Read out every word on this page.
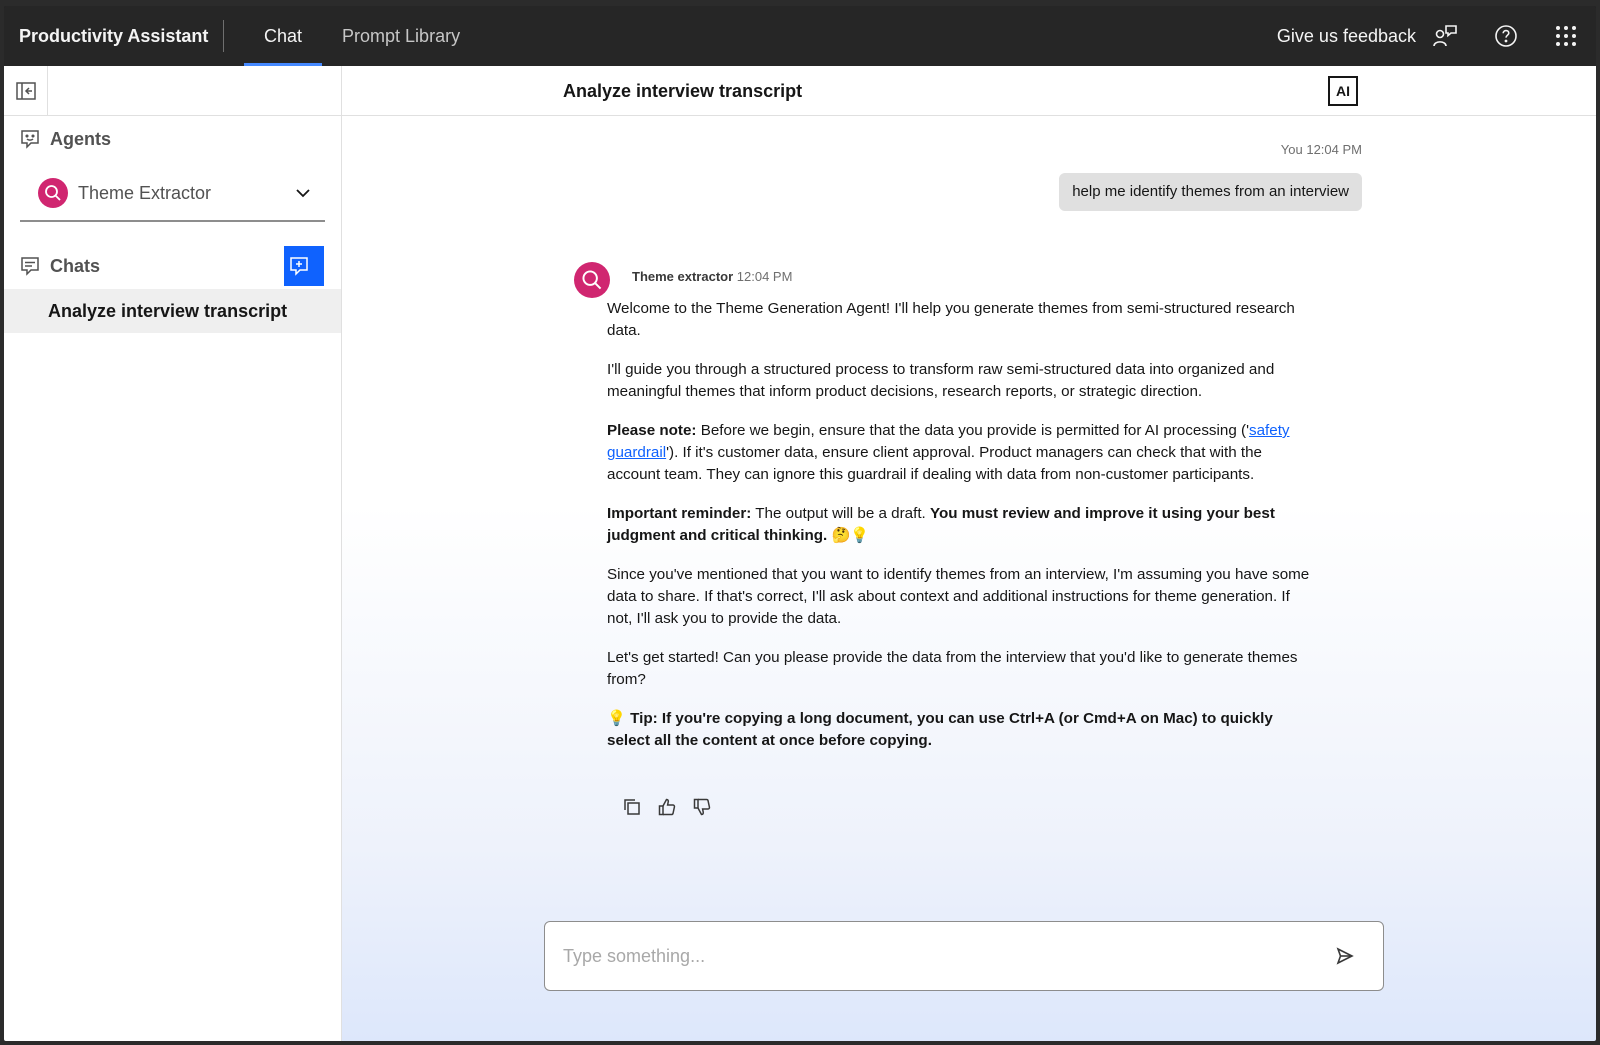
Productivity Assistant	Chat	Prompt Library	Give us feedback
Agents
Theme Extractor
Chats
Analyze interview transcript
Analyze interview transcript	AI
You 12:04 PM
help me identify themes from an interview
Theme extractor 12:04 PM

Welcome to the Theme Generation Agent! I'll help you generate themes from semi-structured research data.

I'll guide you through a structured process to transform raw semi-structured data into organized and meaningful themes that inform product decisions, research reports, or strategic direction.

Please note: Before we begin, ensure that the data you provide is permitted for AI processing ('safety guardrail'). If it's customer data, ensure client approval. Product managers can check that with the account team. They can ignore this guardrail if dealing with data from non-customer participants.

Important reminder: The output will be a draft. You must review and improve it using your best judgment and critical thinking. 🤔💡

Since you've mentioned that you want to identify themes from an interview, I'm assuming you have some data to share. If that's correct, I'll ask about context and additional instructions for theme generation. If not, I'll ask you to provide the data.

Let's get started! Can you please provide the data from the interview that you'd like to generate themes from?

💡 Tip: If you're copying a long document, you can use Ctrl+A (or Cmd+A on Mac) to quickly select all the content at once before copying.

Type something...
